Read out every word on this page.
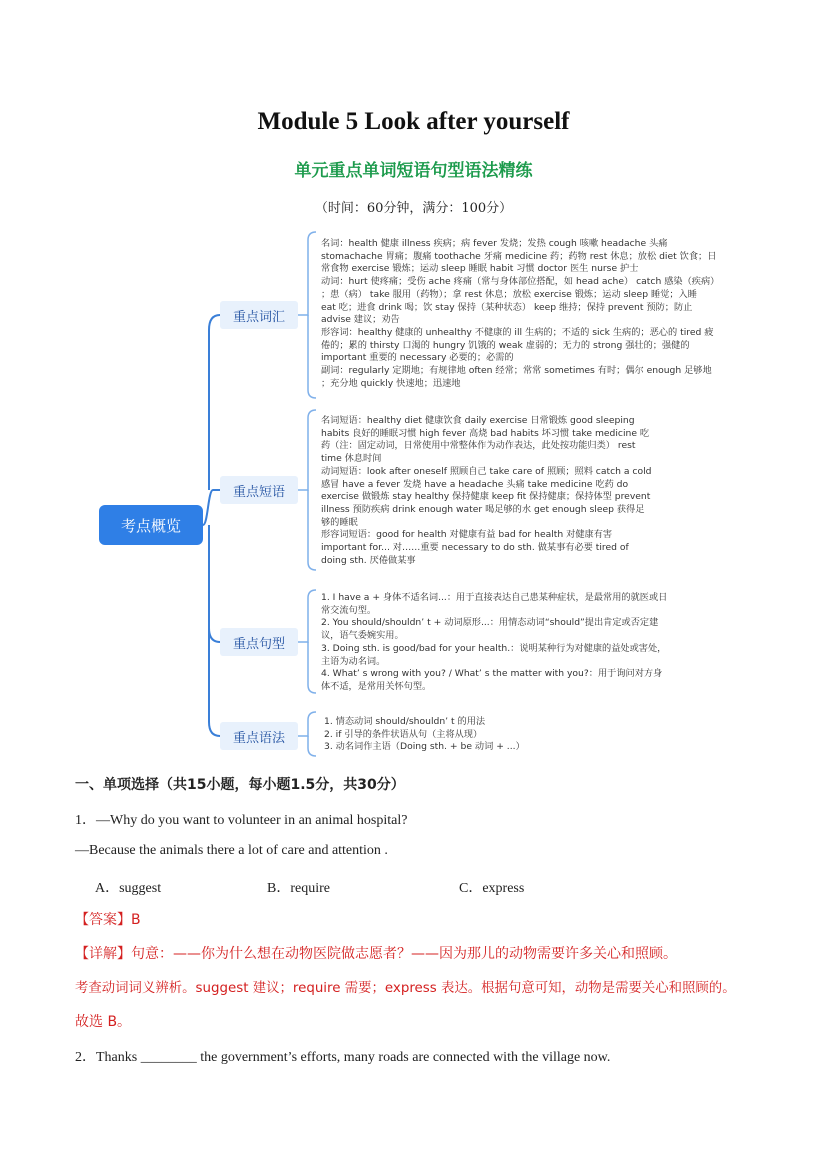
Module 5 Look after yourself
单元重点单词短语句型语法精练
（时间：60分钟，满分：100分）
考点概览
重点词汇
重点短语
重点句型
重点语法
名词：health 健康 illness 疾病；病 fever 发烧；发热 cough 咳嗽 headache 头痛
stomachache 胃痛；腹痛 toothache 牙痛 medicine 药；药物 rest 休息；放松 diet 饮食；日
常食物 exercise 锻炼；运动 sleep 睡眠 habit 习惯 doctor 医生 nurse 护士
动词：hurt 使疼痛；受伤 ache 疼痛（常与身体部位搭配，如 head ache） catch 感染（疾病）
；患（病） take 服用（药物）；拿 rest 休息；放松 exercise 锻炼；运动 sleep 睡觉；入睡
eat 吃；进食 drink 喝；饮 stay 保持（某种状态） keep 维持；保持 prevent 预防；防止
advise 建议；劝告
形容词：healthy 健康的 unhealthy 不健康的 ill 生病的；不适的 sick 生病的；恶心的 tired 疲
倦的；累的 thirsty 口渴的 hungry 饥饿的 weak 虚弱的；无力的 strong 强壮的；强健的
important 重要的 necessary 必要的；必需的
副词：regularly 定期地；有规律地 often 经常；常常 sometimes 有时；偶尔 enough 足够地
；充分地 quickly 快速地；迅速地
名词短语：healthy diet 健康饮食 daily exercise 日常锻炼 good sleeping
habits 良好的睡眠习惯 high fever 高烧 bad habits 坏习惯 take medicine 吃
药（注：固定动词，日常使用中常整体作为动作表达，此处按功能归类） rest
time 休息时间
动词短语：look after oneself 照顾自己 take care of 照顾；照料 catch a cold
感冒 have a fever 发烧 have a headache 头痛 take medicine 吃药 do
exercise 做锻炼 stay healthy 保持健康 keep fit 保持健康；保持体型 prevent
illness 预防疾病 drink enough water 喝足够的水 get enough sleep 获得足
够的睡眠
形容词短语：good for health 对健康有益 bad for health 对健康有害
important for... 对……重要 necessary to do sth. 做某事有必要 tired of
doing sth. 厌倦做某事
1. I have a + 身体不适名词...：用于直接表达自己患某种症状，是最常用的就医或日
常交流句型。
2. You should/shouldn’ t + 动词原形...：用情态动词“should”提出肯定或否定建
议，语气委婉实用。
3. Doing sth. is good/bad for your health.：说明某种行为对健康的益处或害处，
主语为动名词。
4. What’ s wrong with you? / What’ s the matter with you?：用于询问对方身
体不适，是常用关怀句型。
1. 情态动词 should/shouldn’ t 的用法
2. if 引导的条件状语从句（主将从现）
3. 动名词作主语（Doing sth. + be 动词 + ...）
一、单项选择（共15小题，每小题1.5分，共30分）
1．—Why do you want to volunteer in an animal hospital?
—Because the animals there a lot of care and attention .
A．suggest	B．require	C．express
【答案】B
【详解】句意：——你为什么想在动物医院做志愿者？——因为那儿的动物需要许多关心和照顾。
考查动词词义辨析。suggest 建议；require 需要；express 表达。根据句意可知，动物是需要关心和照顾的。
故选 B。
2．Thanks ________ the government’s efforts, many roads are connected with the village now.
